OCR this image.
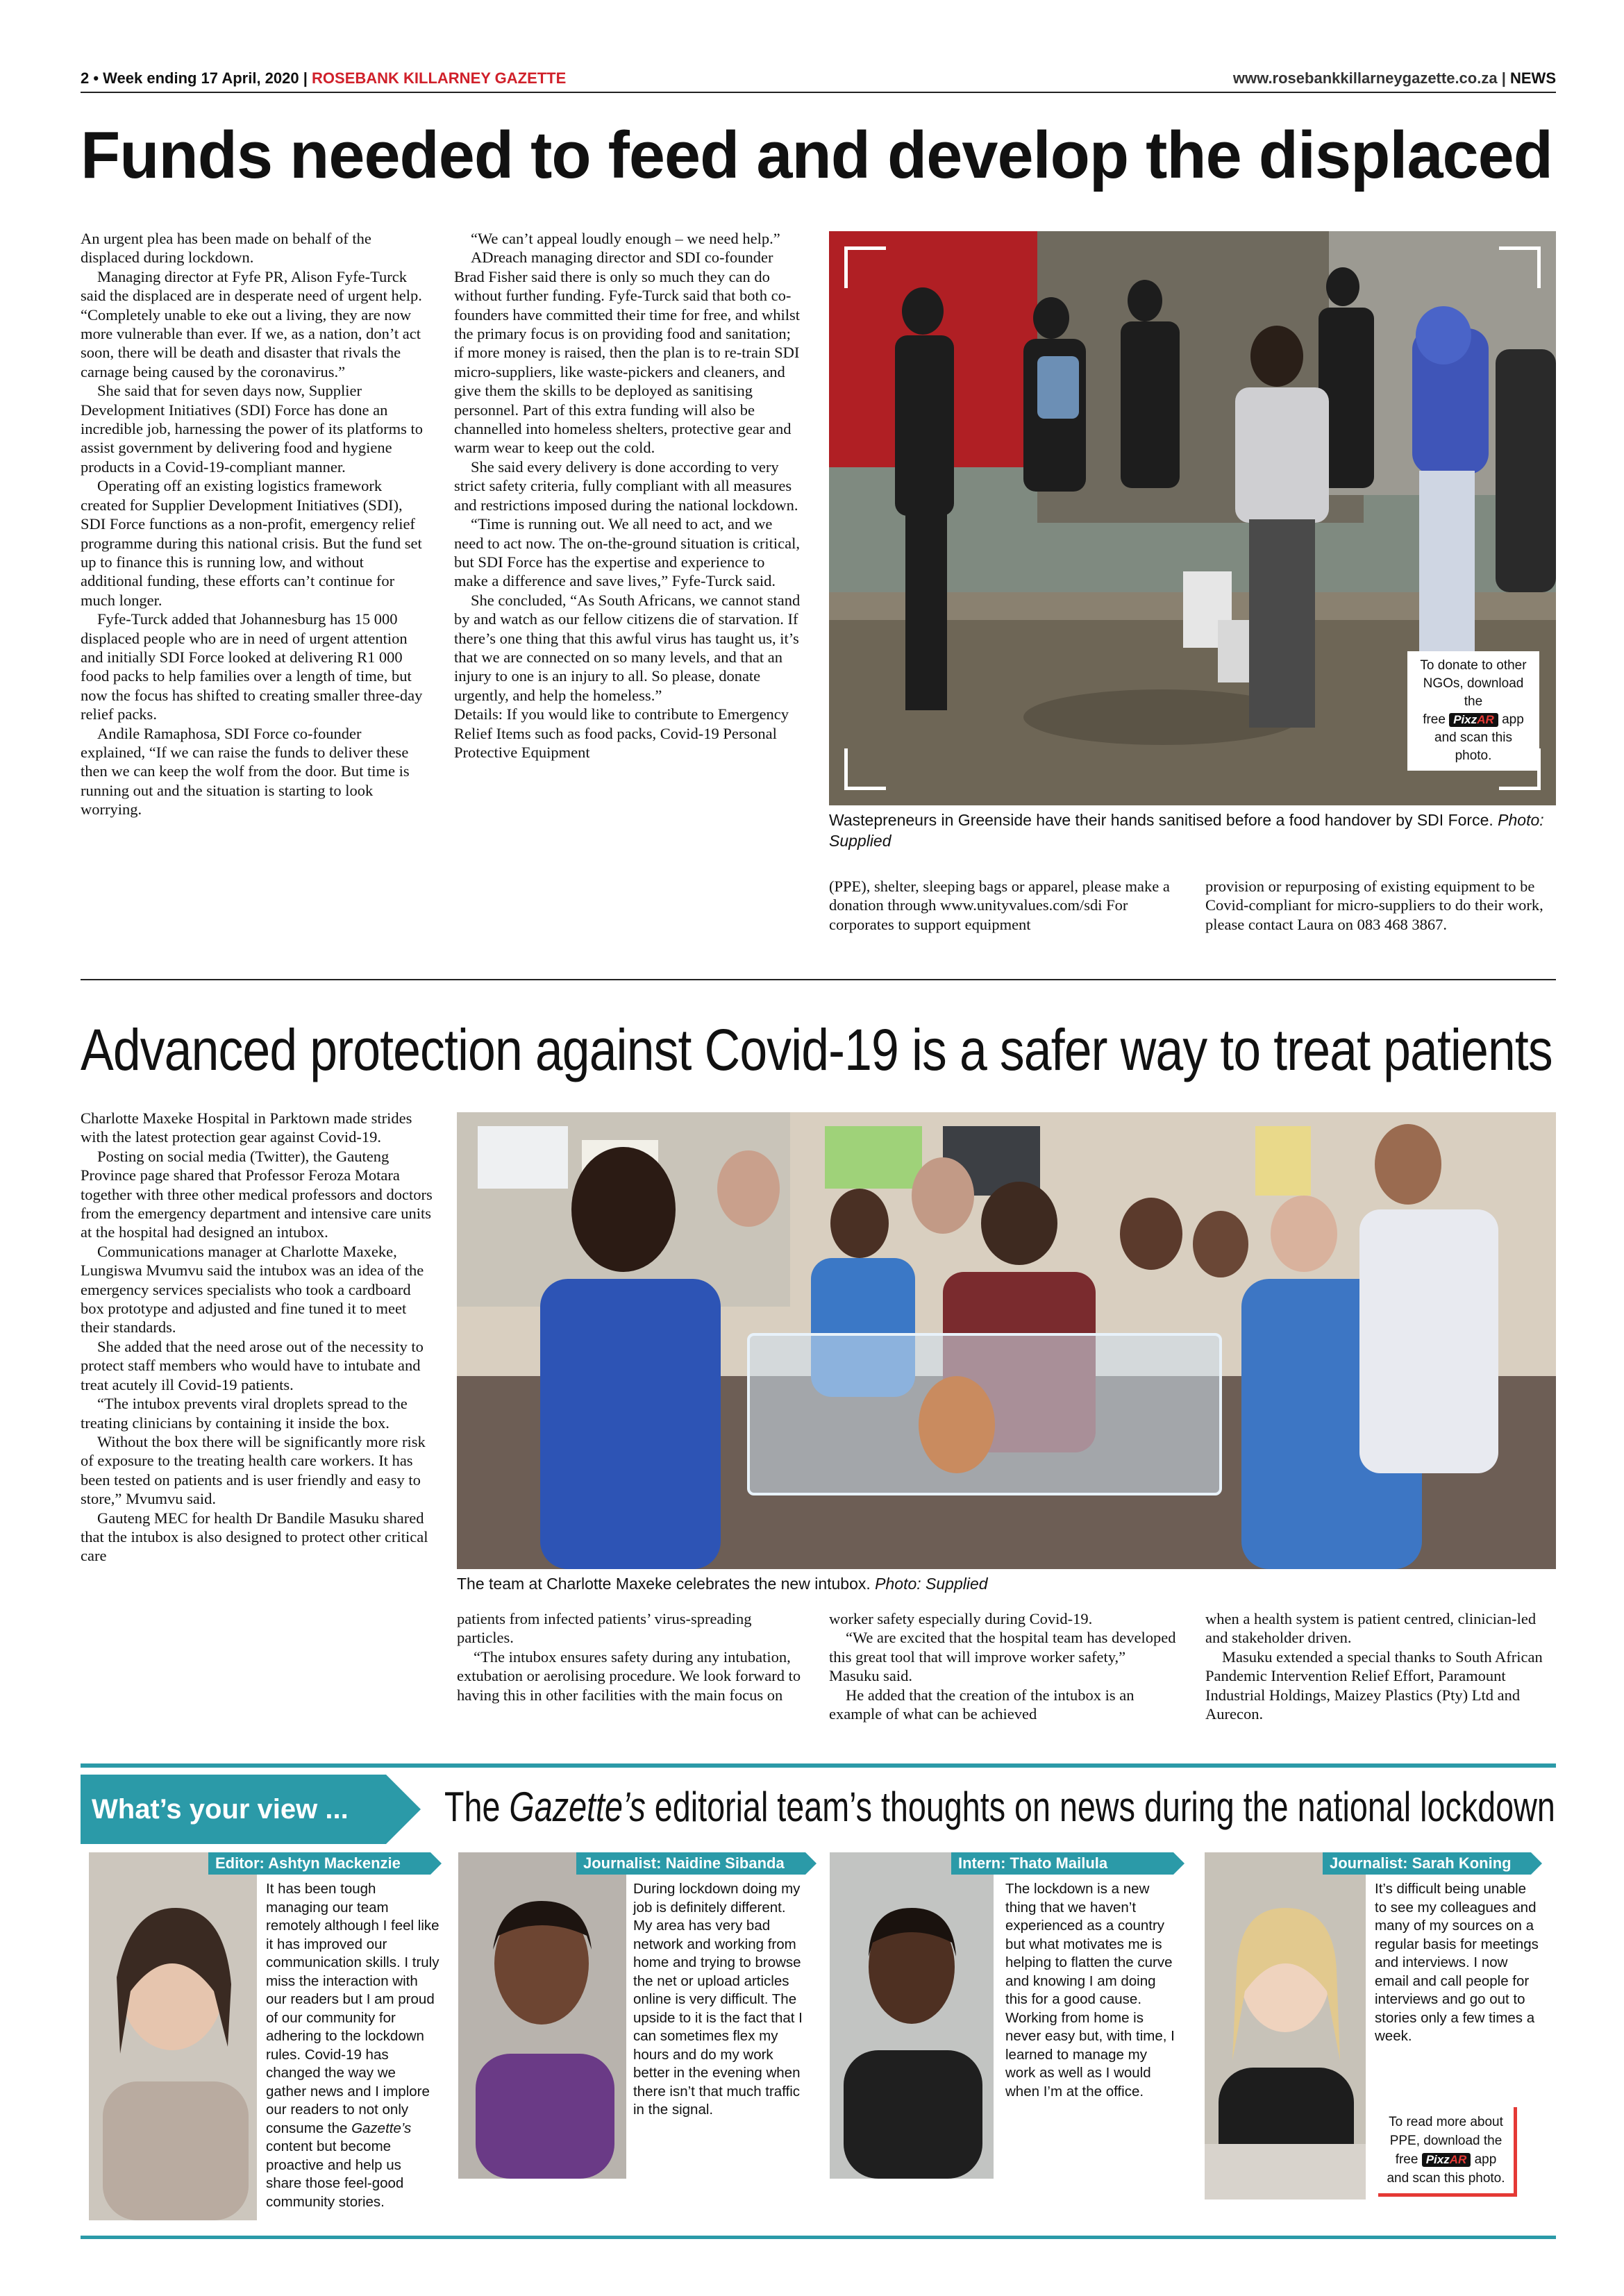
2 • Week ending 17 April, 2020 | ROSEBANK KILLARNEY GAZETTE	www.rosebankkillarneygazette.co.za | NEWS
Funds needed to feed and develop the displaced

An urgent plea has been made on behalf of the displaced during lockdown.

Managing director at Fyfe PR, Alison Fyfe-Turck said the displaced are in desperate need of urgent help. “Completely unable to eke out a living, they are now more vulnerable than ever. If we, as a nation, don’t act soon, there will be death and disaster that rivals the carnage being caused by the coronavirus.”

She said that for seven days now, Supplier Development Initiatives (SDI) Force has done an incredible job, harnessing the power of its platforms to assist government by delivering food and hygiene products in a Covid-19-compliant manner.

Operating off an existing logistics framework created for Supplier Development Initiatives (SDI), SDI Force functions as a non-profit, emergency relief programme during this national crisis. But the fund set up to finance this is running low, and without additional funding, these efforts can’t continue for much longer.

Fyfe-Turck added that Johannesburg has 15 000 displaced people who are in need of urgent attention and initially SDI Force looked at delivering R1 000 food packs to help families over a length of time, but now the focus has shifted to creating smaller three-day relief packs.

Andile Ramaphosa, SDI Force co-founder explained, “If we can raise the funds to deliver these then we can keep the wolf from the door. But time is running out and the situation is starting to look worrying.

“We can’t appeal loudly enough – we need help.”

ADreach managing director and SDI co-founder Brad Fisher said there is only so much they can do without further funding. Fyfe-Turck said that both co-founders have committed their time for free, and whilst the primary focus is on providing food and sanitation; if more money is raised, then the plan is to re-train SDI micro-suppliers, like waste-pickers and cleaners, and give them the skills to be deployed as sanitising personnel. Part of this extra funding will also be channelled into homeless shelters, protective gear and warm wear to keep out the cold.

She said every delivery is done according to very strict safety criteria, fully compliant with all measures and restrictions imposed during the national lockdown.

“Time is running out. We all need to act, and we need to act now. The on-the-ground situation is critical, but SDI Force has the expertise and experience to make a difference and save lives,” Fyfe-Turck said.

She concluded, “As South Africans, we cannot stand by and watch as our fellow citizens die of starvation. If there’s one thing that this awful virus has taught us, it’s that we are connected on so many levels, and that an injury to one is an injury to all. So please, donate urgently, and help the homeless.”

Details: If you would like to contribute to Emergency Relief Items such as food packs, Covid-19 Personal Protective Equipment

To donate to other
NGOs, download the
free PixzAR app
and scan this photo.
Wastepreneurs in Greenside have their hands sanitised before a food handover by SDI Force. Photo: Supplied

(PPE), shelter, sleeping bags or apparel, please make a donation through www.unityvalues.com/sdi For corporates to support equipment

provision or repurposing of existing equipment to be Covid-compliant for micro-suppliers to do their work, please contact Laura on 083 468 3867.

Advanced protection against Covid-19 is a safer way to treat patients

Charlotte Maxeke Hospital in Parktown made strides with the latest protection gear against Covid-19.

Posting on social media (Twitter), the Gauteng Province page shared that Professor Feroza Motara together with three other medical professors and doctors from the emergency department and intensive care units at the hospital had designed an intubox.

Communications manager at Charlotte Maxeke, Lungiswa Mvumvu said the intubox was an idea of the emergency services specialists who took a cardboard box prototype and adjusted and fine tuned it to meet their standards.

She added that the need arose out of the necessity to protect staff members who would have to intubate and treat acutely ill Covid-19 patients.

“The intubox prevents viral droplets spread to the treating clinicians by containing it inside the box.

Without the box there will be significantly more risk of exposure to the treating health care workers. It has been tested on patients and is user friendly and easy to store,” Mvumvu said.

Gauteng MEC for health Dr Bandile Masuku shared that the intubox is also designed to protect other critical care

The team at Charlotte Maxeke celebrates the new intubox. Photo: Supplied

patients from infected patients’ virus-spreading particles.

“The intubox ensures safety during any intubation, extubation or aerolising procedure. We look forward to having this in other facilities with the main focus on

worker safety especially during Covid-19.

“We are excited that the hospital team has developed this great tool that will improve worker safety,” Masuku said.

He added that the creation of the intubox is an example of what can be achieved

when a health system is patient centred, clinician-led and stakeholder driven.

Masuku extended a special thanks to South African Pandemic Intervention Relief Effort, Paramount Industrial Holdings, Maizey Plastics (Pty) Ltd and Aurecon.

What’s your view ... The Gazette’s editorial team’s thoughts on news during the national lockdown
Editor: Ashtyn Mackenzie
It has been tough managing our team remotely although I feel like it has improved our communication skills. I truly miss the interaction with our readers but I am proud of our community for adhering to the lockdown rules. Covid-19 has changed the way we gather news and I implore our readers to not only consume the Gazette’s content but become proactive and help us share those feel-good community stories.
Journalist: Naidine Sibanda
During lockdown doing my job is definitely different. My area has very bad network and working from home and trying to browse the net or upload articles online is very difficult. The upside to it is the fact that I can sometimes flex my hours and do my work better in the evening when there isn’t that much traffic in the signal.
Intern: Thato Mailula
The lockdown is a new thing that we haven’t experienced as a country but what motivates me is helping to flatten the curve and knowing I am doing this for a good cause. Working from home is never easy but, with time, I learned to manage my work as well as I would when I’m at the office.
Journalist: Sarah Koning
It’s difficult being unable to see my colleagues and many of my sources on a regular basis for meetings and interviews. I now email and call people for interviews and go out to stories only a few times a week.
To read more about
PPE, download the
free PixzAR app
and scan this photo.
